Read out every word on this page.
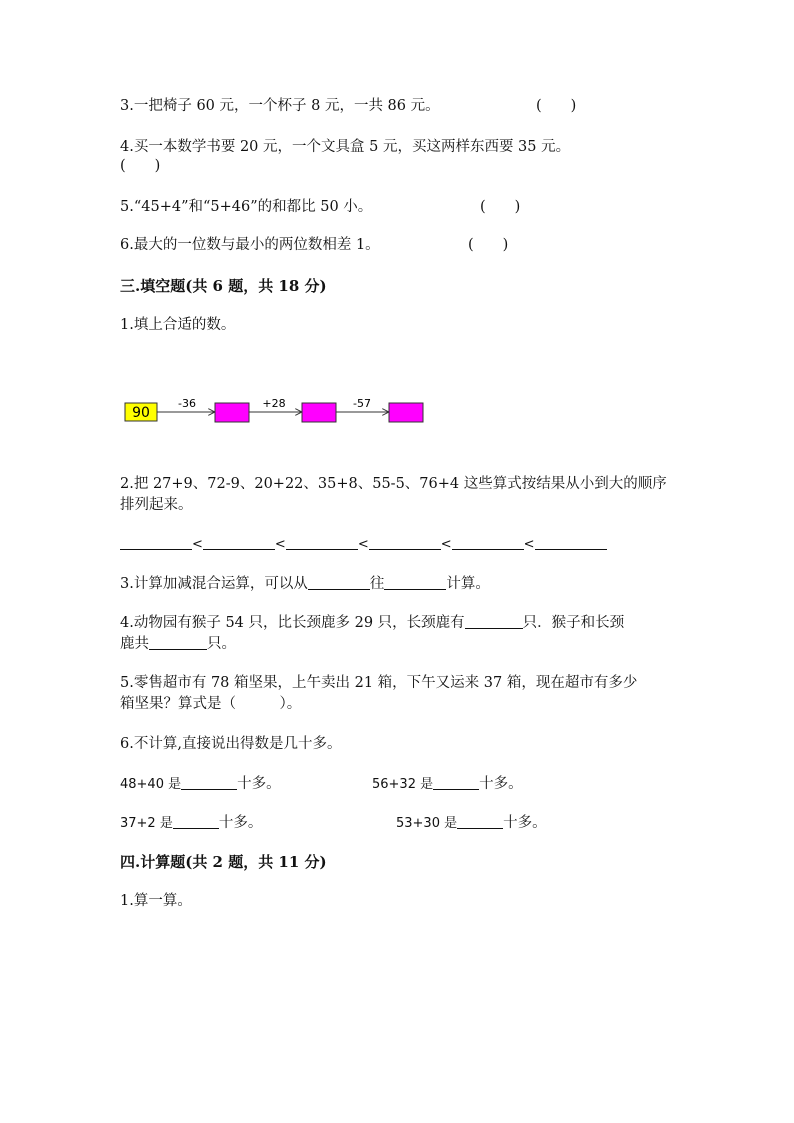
3.一把椅子 60 元，一个杯子 8 元，一共 86 元。	(　　)
4.买一本数学书要 20 元，一个文具盒 5 元，买这两样东西要 35 元。
(　　)
5.“45+4”和“5+46”的和都比 50 小。	(　　)
6.最大的一位数与最小的两位数相差 1。	(　　)
三.填空题(共 6 题，共 18 分)
1.填上合适的数。
90
-36	+28	-57
2.把 27+9、72-9、20+22、35+8、55-5、76+4 这些算式按结果从小到大的顺序
排列起来。
<	<	<	<	<
3.计算加减混合运算，可以从	往	计算。
4.动物园有猴子 54 只，比长颈鹿多 29 只，长颈鹿有	只．猴子和长颈
鹿共	只。
5.零售超市有 78 箱坚果，上午卖出 21 箱，下午又运来 37 箱，现在超市有多少
箱坚果？算式是（　　　）。
6.不计算,直接说出得数是几十多。
48+40 是	十多。	56+32 是	十多。
37+2 是	十多。	53+30 是	十多。
四.计算题(共 2 题，共 11 分)
1.算一算。
